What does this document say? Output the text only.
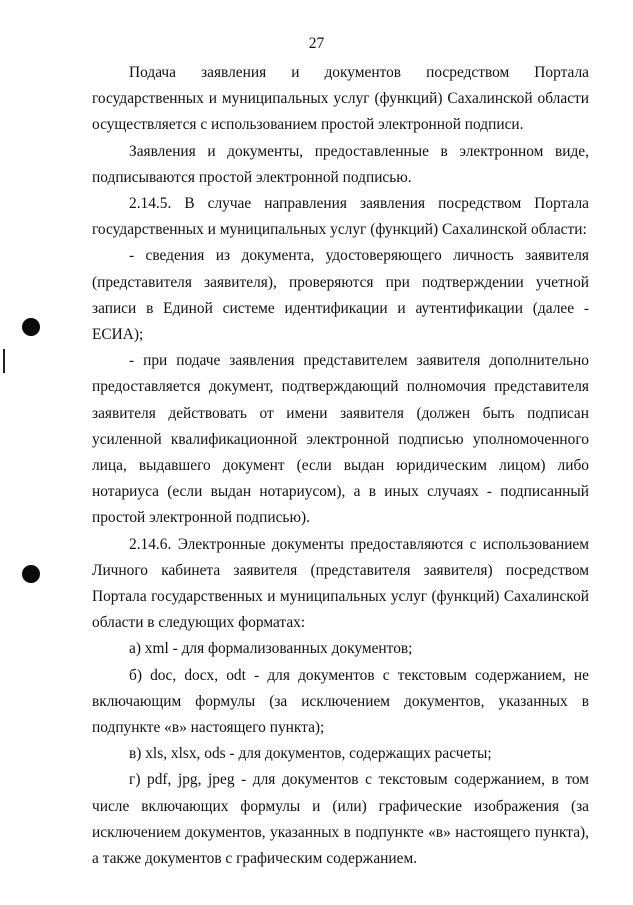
27

Подача заявления и документов посредством Портала государственных и муниципальных услуг (функций) Сахалинской области осуществляется с использованием простой электронной подписи.

Заявления и документы, предоставленные в электронном виде, подписываются простой электронной подписью.

2.14.5. В случае направления заявления посредством Портала государственных и муниципальных услуг (функций) Сахалинской области:

- сведения из документа, удостоверяющего личность заявителя (представителя заявителя), проверяются при подтверждении учетной записи в Единой системе идентификации и аутентификации (далее - ЕСИА);

- при подаче заявления представителем заявителя дополнительно предоставляется документ, подтверждающий полномочия представителя заявителя действовать от имени заявителя (должен быть подписан усиленной квалификационной электронной подписью уполномоченного лица, выдавшего документ (если выдан юридическим лицом) либо нотариуса (если выдан нотариусом), а в иных случаях - подписанный простой электронной подписью).

2.14.6. Электронные документы предоставляются с использованием Личного кабинета заявителя (представителя заявителя) посредством Портала государственных и муниципальных услуг (функций) Сахалинской области в следующих форматах:

а) xml - для формализованных документов;

б) doc, docx, odt - для документов с текстовым содержанием, не включающим формулы (за исключением документов, указанных в подпункте «в» настоящего пункта);

в) xls, xlsx, ods - для документов, содержащих расчеты;

г) pdf, jpg, jpeg - для документов с текстовым содержанием, в том числе включающих формулы и (или) графические изображения (за исключением документов, указанных в подпункте «в» настоящего пункта), а также документов с графическим содержанием.
